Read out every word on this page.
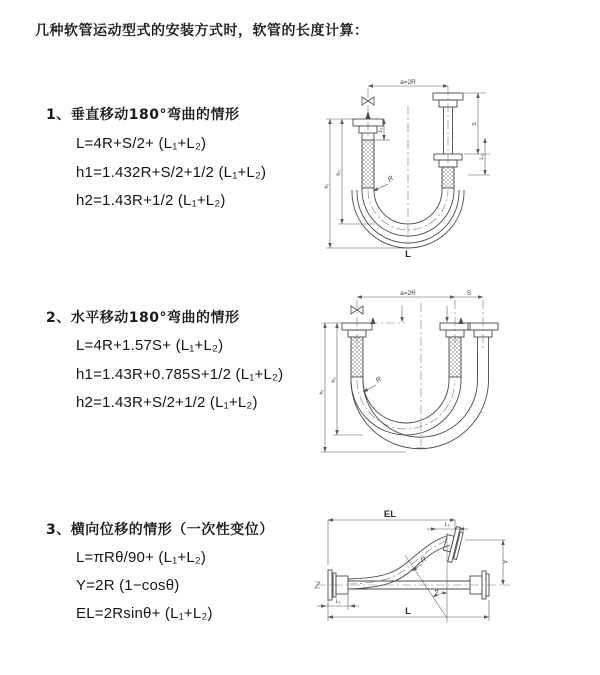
几种软管运动型式的安装方式时，软管的长度计算：
1、垂直移动180°弯曲的情形
L=4R+S/2+ (L₁+L₂)
h1=1.432R+S/2+1/2 (L₁+L₂)
h2=1.43R+1/2 (L₁+L₂)
2、水平移动180°弯曲的情形
L=4R+1.57S+ (L₁+L₂)
h1=1.43R+0.785S+1/2 (L₁+L₂)
h2=1.43R+S/2+1/2 (L₁+L₂)
3、横向位移的情形（一次性变位）
L=πRθ/90+ (L₁+L₂)
Y=2R (1−cosθ)
EL=2Rsinθ+ (L₁+L₂)
a=2R
h₁
h₂
L₁
S
L₂
R
L
a=2R	S
h₁
h₂	R
EL
L₁
Y
L
L₁
R
θ
